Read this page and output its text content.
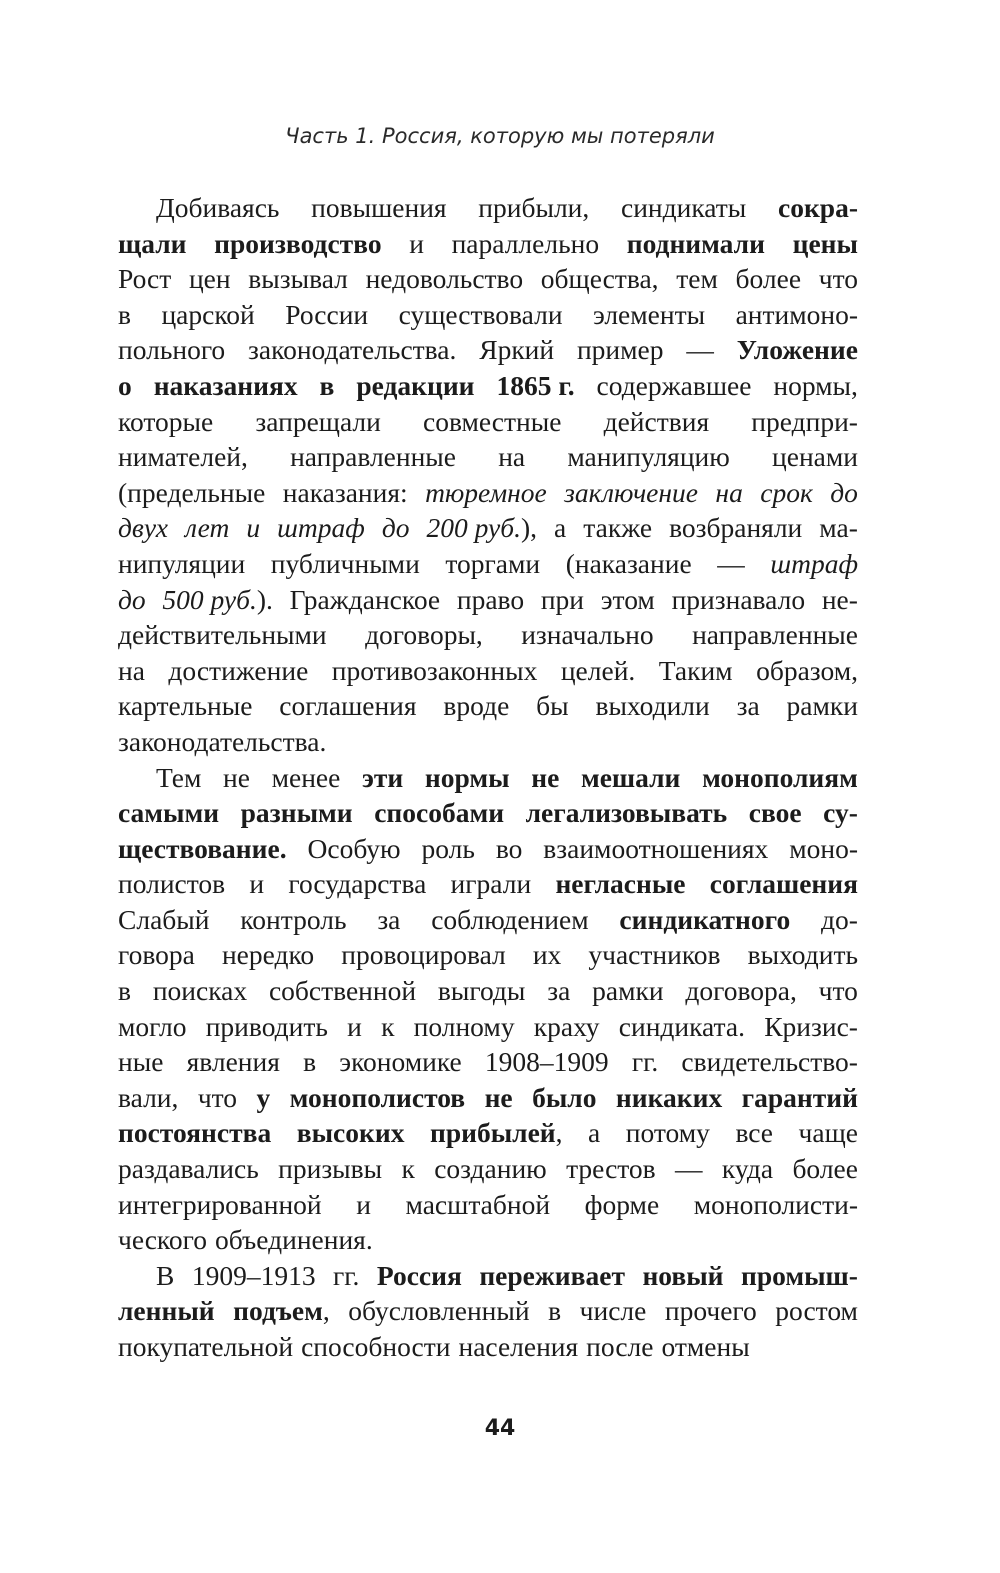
Часть 1. Россия, которую мы потеряли
Добиваясь повышения прибыли, синдикаты сокра-
щали производство и параллельно поднимали цены
Рост цен вызывал недовольство общества, тем более что
в царской России существовали элементы антимоно-
польного законодательства. Яркий пример — Уложение
о наказаниях в редакции 1865 г. содержавшее нормы,
которые запрещали совместные действия предпри-
нимателей, направленные на манипуляцию ценами
(предельные наказания: тюремное заключение на срок до
двух лет и штраф до 200 руб.), а также возбраняли ма-
нипуляции публичными торгами (наказание — штраф
до 500 руб.). Гражданское право при этом признавало не-
действительными договоры, изначально направленные
на достижение противозаконных целей. Таким образом,
картельные соглашения вроде бы выходили за рамки
законодательства.
Тем не менее эти нормы не мешали монополиям
самыми разными способами легализовывать свое су-
ществование. Особую роль во взаимоотношениях моно-
полистов и государства играли негласные соглашения
Слабый контроль за соблюдением синдикатного до-
говора нередко провоцировал их участников выходить
в поисках собственной выгоды за рамки договора, что
могло приводить и к полному краху синдиката. Кризис-
ные явления в экономике 1908–1909 гг. свидетельство-
вали, что у монополистов не было никаких гарантий
постоянства высоких прибылей, а потому все чаще
раздавались призывы к созданию трестов — куда более
интегрированной и масштабной форме монополисти-
ческого объединения.
В 1909–1913 гг. Россия переживает новый промыш-
ленный подъем, обусловленный в числе прочего ростом
покупательной способности населения после отмены
44
